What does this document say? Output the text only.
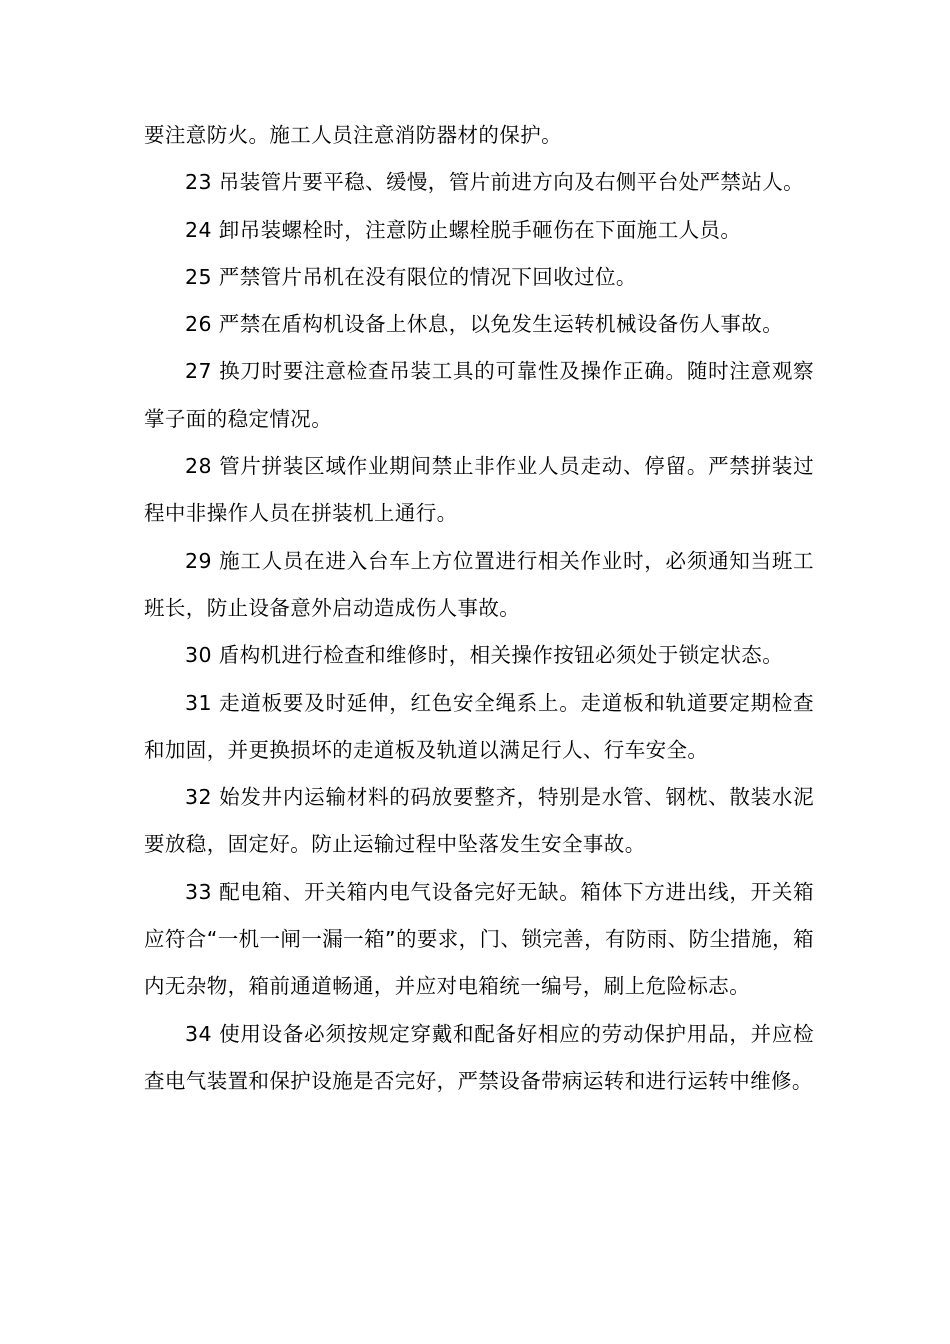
要注意防火。施工人员注意消防器材的保护。

23 吊装管片要平稳、缓慢，管片前进方向及右侧平台处严禁站人。

24 卸吊装螺栓时，注意防止螺栓脱手砸伤在下面施工人员。

25 严禁管片吊机在没有限位的情况下回收过位。

26 严禁在盾构机设备上休息，以免发生运转机械设备伤人事故。

27 换刀时要注意检查吊装工具的可靠性及操作正确。随时注意观察掌子面的稳定情况。

28 管片拼装区域作业期间禁止非作业人员走动、停留。严禁拼装过程中非操作人员在拼装机上通行。

29 施工人员在进入台车上方位置进行相关作业时，必须通知当班工班长，防止设备意外启动造成伤人事故。

30 盾构机进行检查和维修时，相关操作按钮必须处于锁定状态。

31 走道板要及时延伸，红色安全绳系上。走道板和轨道要定期检查和加固，并更换损坏的走道板及轨道以满足行人、行车安全。

32 始发井内运输材料的码放要整齐，特别是水管、钢枕、散装水泥要放稳，固定好。防止运输过程中坠落发生安全事故。

33 配电箱、开关箱内电气设备完好无缺。箱体下方进出线，开关箱应符合“一机一闸一漏一箱”的要求，门、锁完善，有防雨、防尘措施，箱内无杂物，箱前通道畅通，并应对电箱统一编号，刷上危险标志。

34 使用设备必须按规定穿戴和配备好相应的劳动保护用品，并应检查电气装置和保护设施是否完好，严禁设备带病运转和进行运转中维修。
